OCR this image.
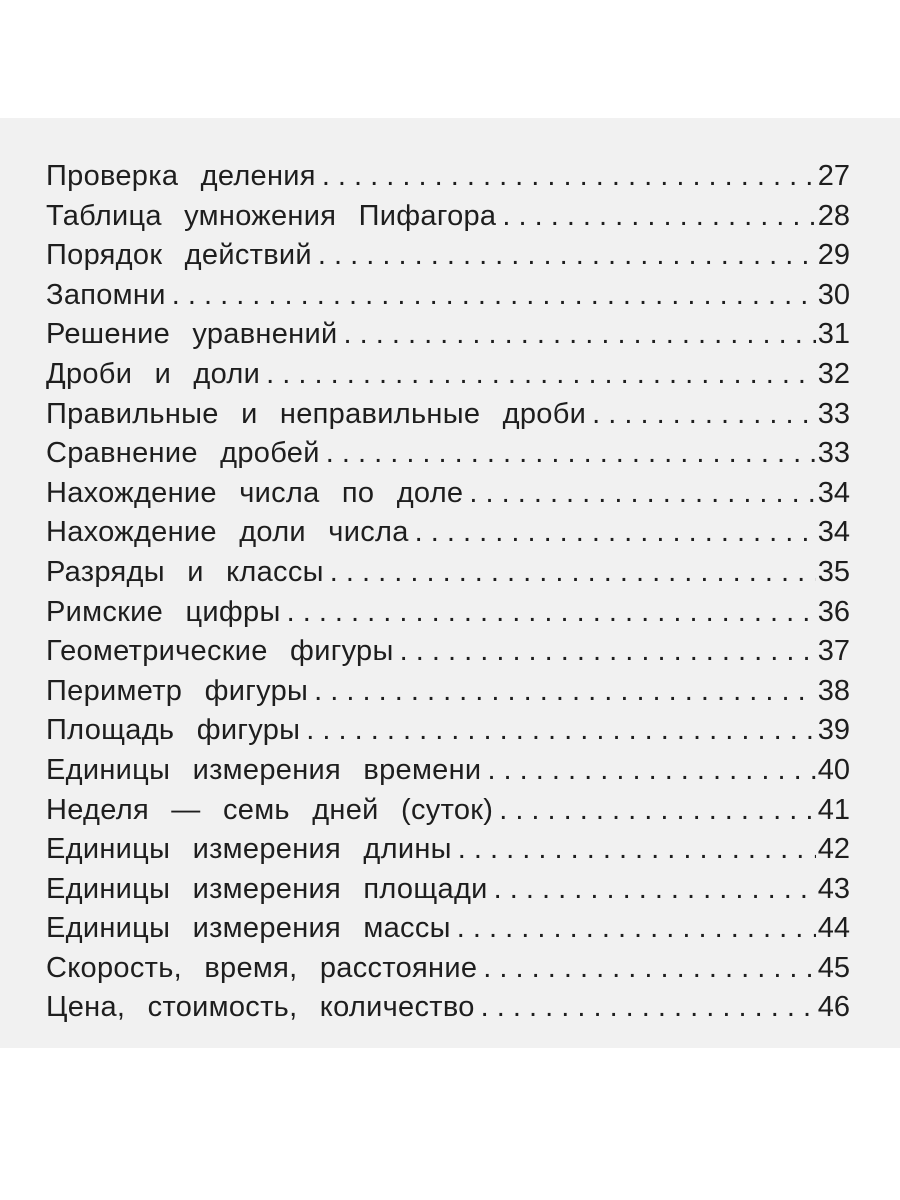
Проверка деления . . .	27
Таблица умножения Пифагора . . .	28
Порядок действий . . .	29
Запомни . . .	30
Решение уравнений . . .	31
Дроби и доли . . .	32
Правильные и неправильные дроби . . .	33
Сравнение дробей . . .	33
Нахождение числа по доле . . .	34
Нахождение доли числа . . .	34
Разряды и классы . . .	35
Римские цифры . . .	36
Геометрические фигуры . . .	37
Периметр фигуры . . .	38
Площадь фигуры . . .	39
Единицы измерения времени . . .	40
Неделя — семь дней (суток) . . .	41
Единицы измерения длины . . .	42
Единицы измерения площади . . .	43
Единицы измерения массы . . .	44
Скорость, время, расстояние . . .	45
Цена, стоимость, количество . . .	46
